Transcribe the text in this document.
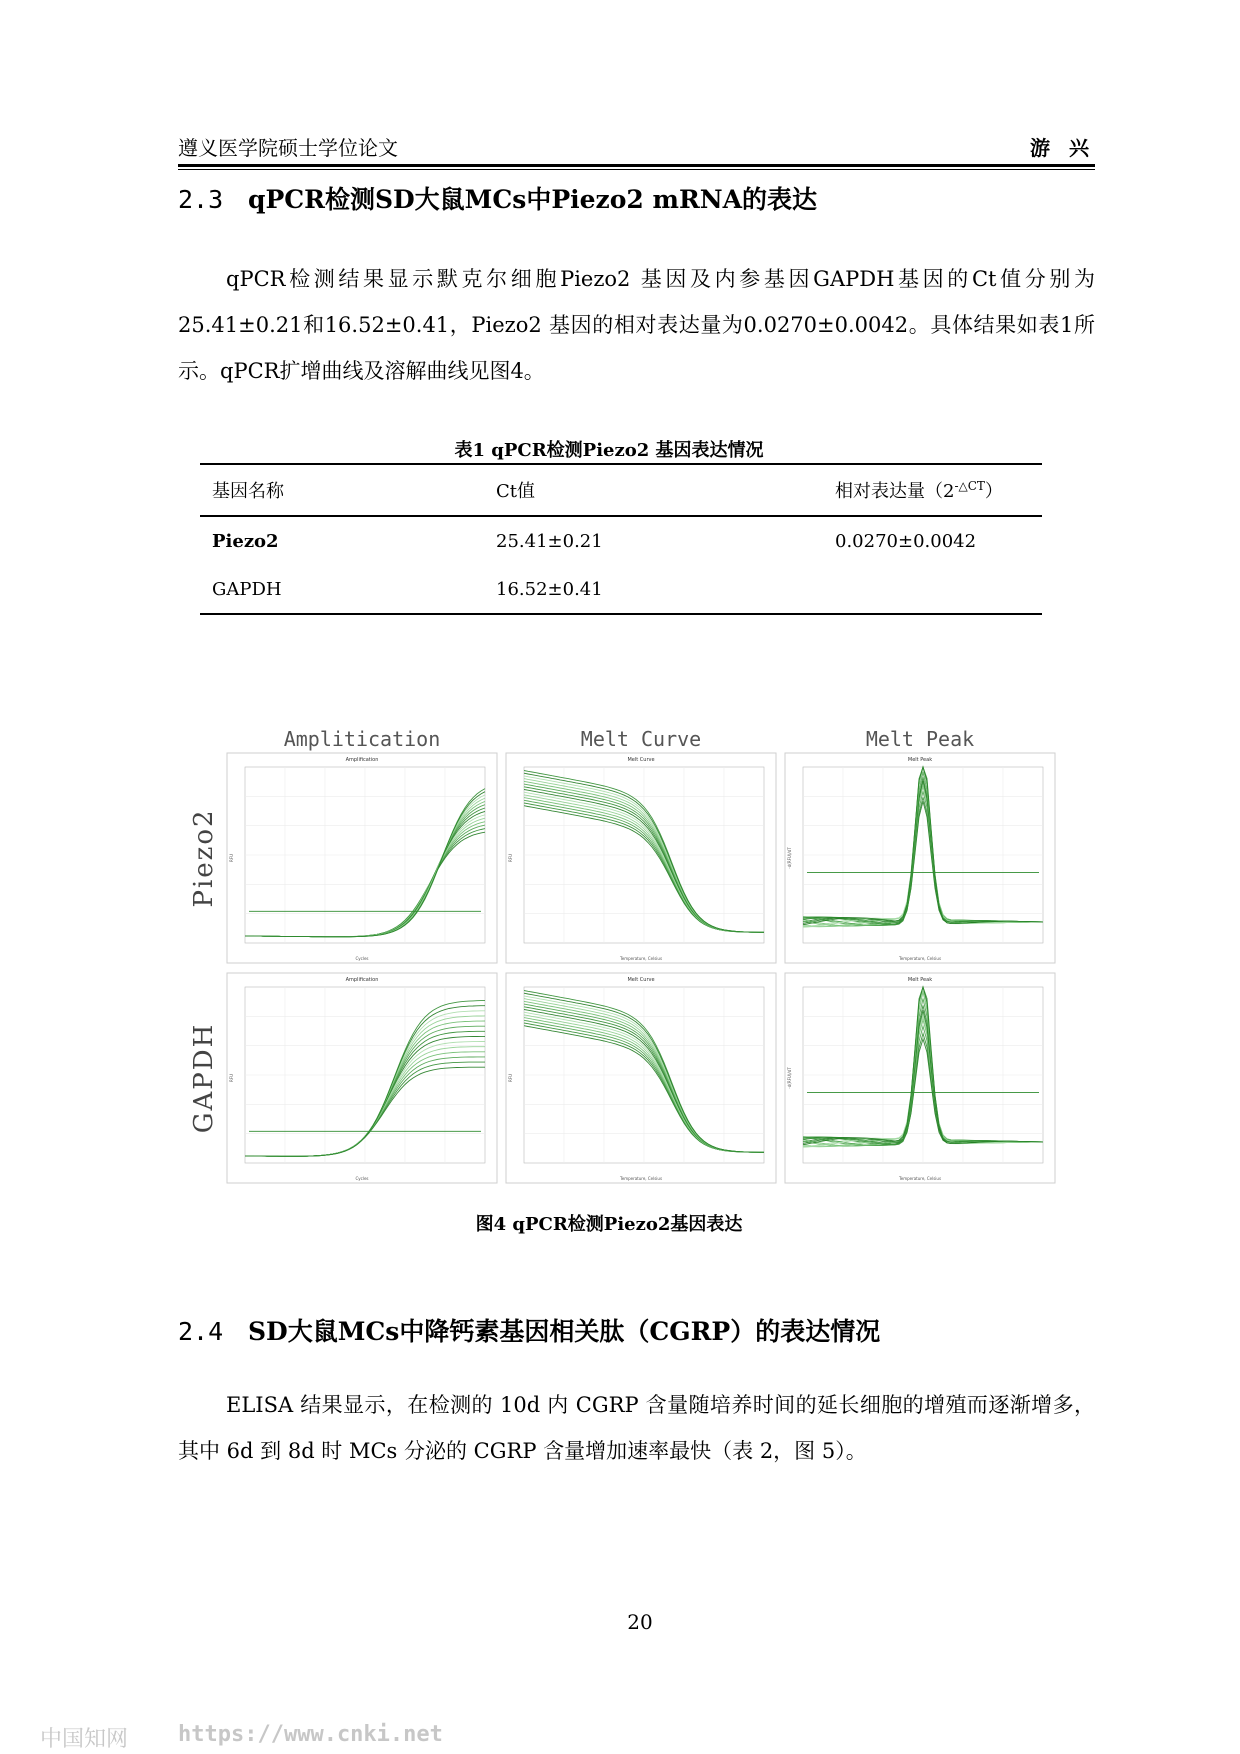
遵义医学院硕士学位论文	游 兴
2.3 qPCR检测SD大鼠MCs中Piezo2 mRNA的表达
qPCR检测结果显示默克尔细胞Piezo2 基因及内参基因GAPDH基因的Ct值分别为25.41±0.21和16.52±0.41，Piezo2 基因的相对表达量为0.0270±0.0042。具体结果如表1所示。qPCR扩增曲线及溶解曲线见图4。
表1 qPCR检测Piezo2 基因表达情况
基因名称	Ct值	相对表达量$(2^{-\triangle CT})$
Piezo2	25.41±0.21	0.0270±0.0042
GAPDH	16.52±0.41	
Amplitication	Melt Curve	Melt Peak
Piezo2
GAPDH
Amplification
Cycles
RFU
Melt Curve
Temperature, Celsius
RFU
Melt Peak
Temperature, Celsius
-d(RFU)/dT
Amplification
Cycles
RFU
Melt Curve
Temperature, Celsius
RFU
Melt Peak
Temperature, Celsius
-d(RFU)/dT
图4 qPCR检测Piezo2基因表达
2.4 SD大鼠MCs中降钙素基因相关肽（CGRP）的表达情况
ELISA 结果显示，在检测的 10d 内 CGRP 含量随培养时间的延长细胞的增殖而逐渐增多，其中 6d 到 8d 时 MCs 分泌的 CGRP 含量增加速率最快（表 2，图 5）。
20
中国知网 https://www.cnki.net
